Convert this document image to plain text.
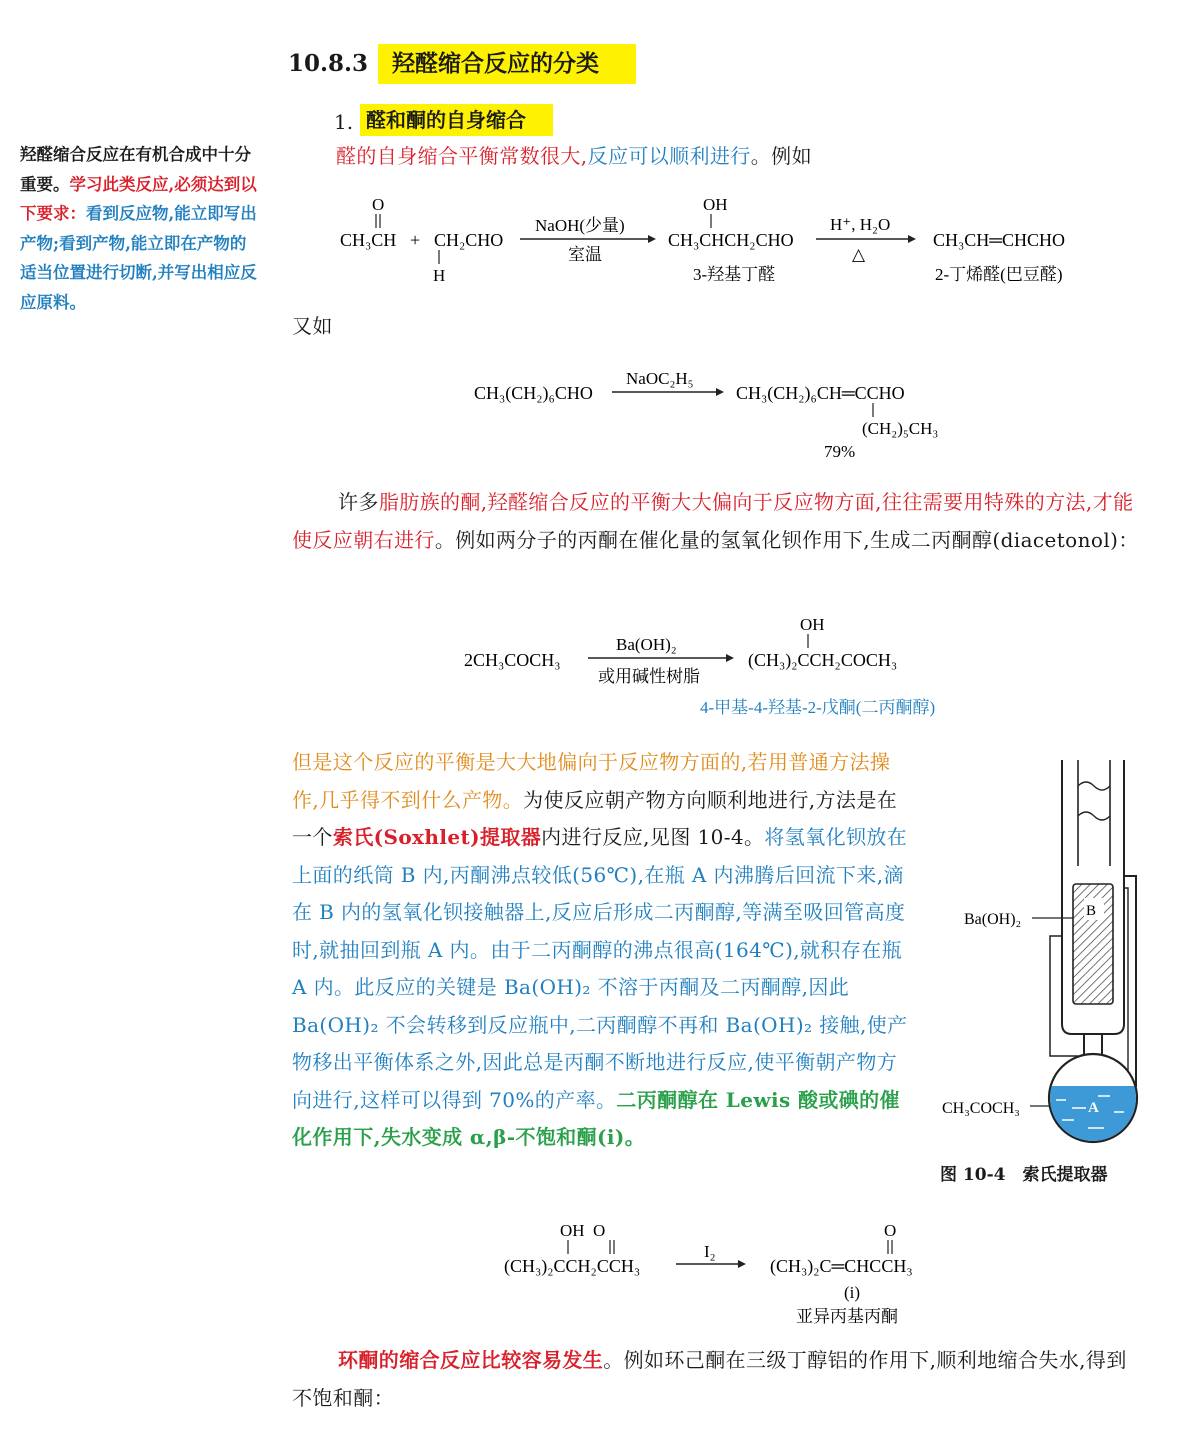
10.8.3	羟醛缩合反应的分类
1. 醛和酮的自身缩合
羟醛缩合反应在有机合成中十分重要。学习此类反应,必须达到以下要求：看到反应物,能立即写出产物;看到产物,能立即在产物的适当位置进行切断,并写出相应反应原料。
醛的自身缩合平衡常数很大,反应可以顺利进行。例如
O
CH₃CH + CH₂CHO
H
NaOH(少量)
室温
OH
CH₃CHCH₂CHO
3-羟基丁醛
H⁺, H₂O
△
CH₃CH═CHCHO
2-丁烯醛(巴豆醛)
又如
CH₃(CH₂)₆CHO
NaOC₂H₅
CH₃(CH₂)₆CH═CCHO
(CH₂)₅CH₃
79%
许多脂肪族的酮,羟醛缩合反应的平衡大大偏向于反应物方面,往往需要用特殊的方法,才能使反应朝右进行。例如两分子的丙酮在催化量的氢氧化钡作用下,生成二丙酮醇(diacetonol)：
2CH₃COCH₃
Ba(OH)₂
或用碱性树脂
OH
(CH₃)₂CCH₂COCH₃
4-甲基-4-羟基-2-戊酮(二丙酮醇)
但是这个反应的平衡是大大地偏向于反应物方面的,若用普通方法操作,几乎得不到什么产物。为使反应朝产物方向顺利地进行,方法是在一个索氏(Soxhlet)提取器内进行反应,见图 10-4。将氢氧化钡放在上面的纸筒 B 内,丙酮沸点较低(56℃),在瓶 A 内沸腾后回流下来,滴在 B 内的氢氧化钡接触器上,反应后形成二丙酮醇,等满至吸回管高度时,就抽回到瓶 A 内。由于二丙酮醇的沸点很高(164℃),就积存在瓶 A 内。此反应的关键是 Ba(OH)₂ 不溶于丙酮及二丙酮醇,因此 Ba(OH)₂ 不会转移到反应瓶中,二丙酮醇不再和 Ba(OH)₂ 接触,使产物移出平衡体系之外,因此总是丙酮不断地进行反应,使平衡朝产物方向进行,这样可以得到 70%的产率。二丙酮醇在 Lewis 酸或碘的催化作用下,失水变成 α,β-不饱和酮(i)。
B
A
Ba(OH)₂
CH₃COCH₃
图 10-4　索氏提取器
OH  O
(CH₃)₂CCH₂CCH₃
I₂
O
(CH₃)₂C═CHCCH₃
(i)
亚异丙基丙酮
环酮的缩合反应比较容易发生。例如环己酮在三级丁醇铝的作用下,顺利地缩合失水,得到不饱和酮：
